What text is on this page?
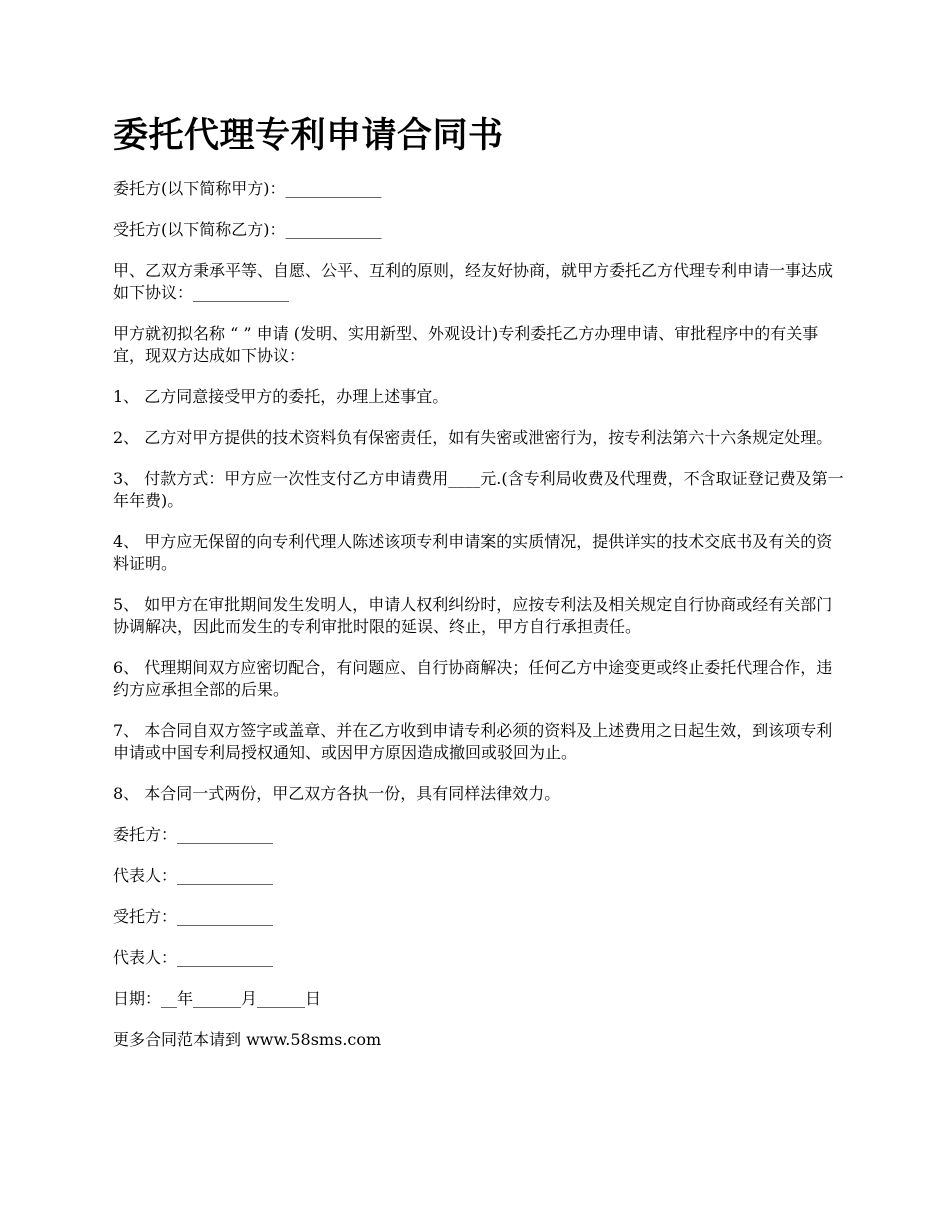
委托代理专利申请合同书

委托方(以下简称甲方)：____________

受托方(以下简称乙方)：____________

甲、乙双方秉承平等、自愿、公平、互利的原则，经友好协商，就甲方委托乙方代理专利申请一事达成如下协议：____________

甲方就初拟名称 “ ” 申请 (发明、实用新型、外观设计)专利委托乙方办理申请、审批程序中的有关事宜，现双方达成如下协议：

1、 乙方同意接受甲方的委托，办理上述事宜。

2、 乙方对甲方提供的技术资料负有保密责任，如有失密或泄密行为，按专利法第六十六条规定处理。

3、 付款方式：甲方应一次性支付乙方申请费用____元.(含专利局收费及代理费，不含取证登记费及第一年年费)。

4、 甲方应无保留的向专利代理人陈述该项专利申请案的实质情况，提供详实的技术交底书及有关的资料证明。

5、 如甲方在审批期间发生发明人，申请人权利纠纷时，应按专利法及相关规定自行协商或经有关部门协调解决，因此而发生的专利审批时限的延误、终止，甲方自行承担责任。

6、 代理期间双方应密切配合，有问题应、自行协商解决；任何乙方中途变更或终止委托代理合作，违约方应承担全部的后果。

7、 本合同自双方签字或盖章、并在乙方收到申请专利必须的资料及上述费用之日起生效，到该项专利申请或中国专利局授权通知、或因甲方原因造成撤回或驳回为止。

8、 本合同一式两份，甲乙双方各执一份，具有同样法律效力。

委托方：____________

代表人：____________

受托方：____________

代表人：____________

日期：__年______月______日

更多合同范本请到 www.58sms.com
